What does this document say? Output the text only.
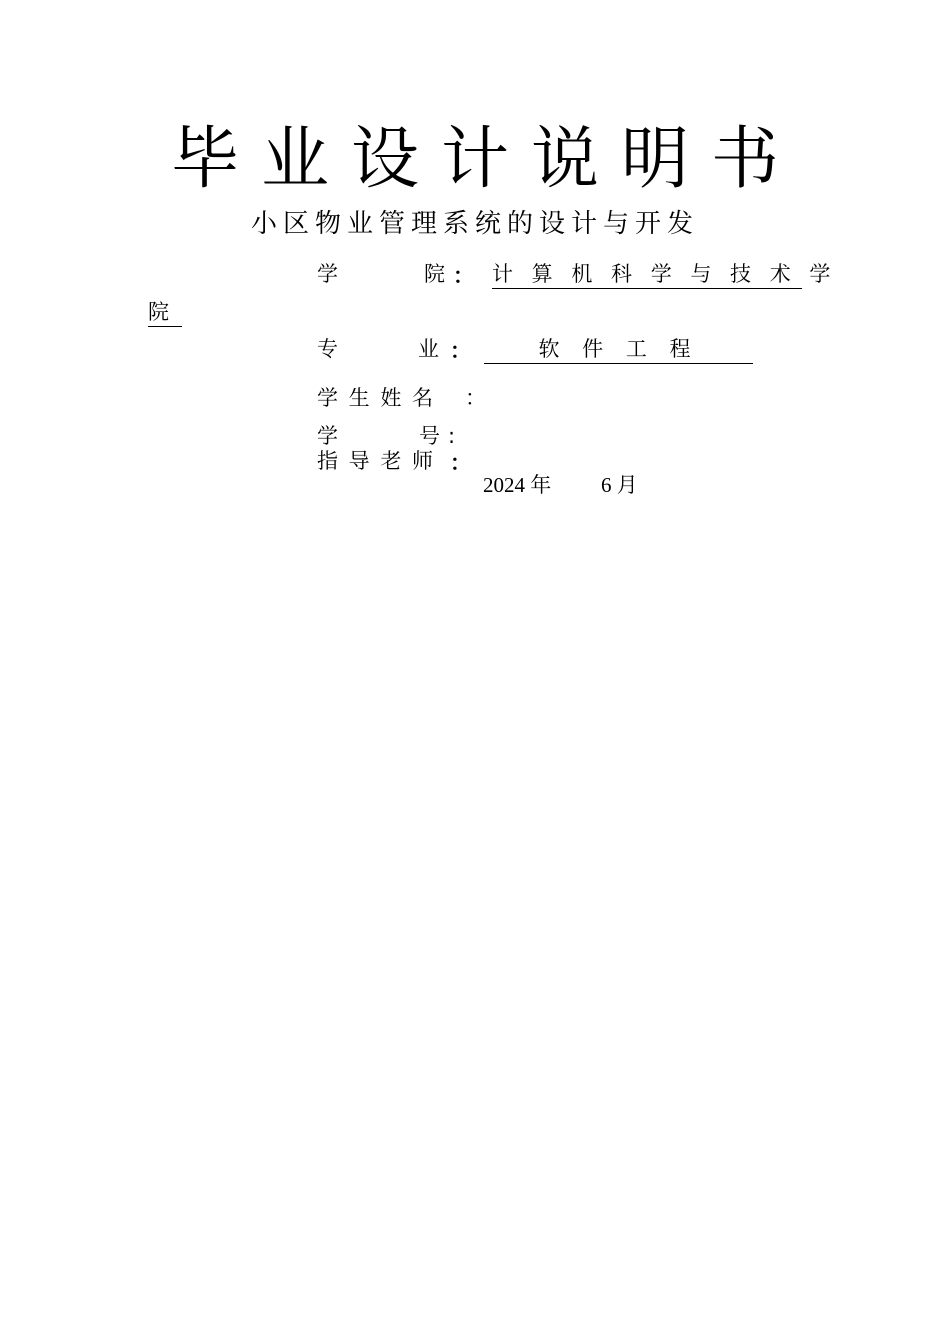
毕业设计说明书
小区物业管理系统的设计与开发
学	院 ： 计 算 机 科 学 与 技 术 学
院
专	业 ：	软 件 工 程
学 生 姓 名 ：
学	号 :
指 导 老 师 ：
2024 年 6 月
